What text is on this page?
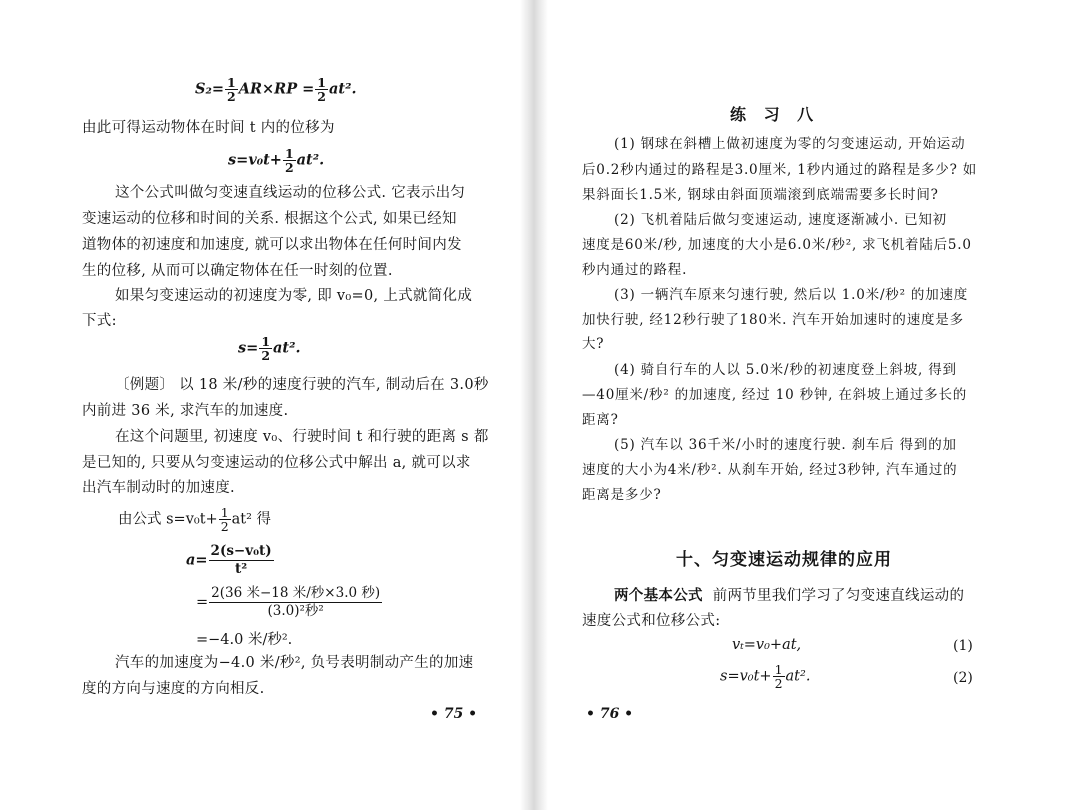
$S_2= \frac{1}{2} AR\times RP = \frac{1}{2} at^2$.
由此可得运动物体在时间 t 内的位移为
$s=v_0t+ \frac{1}{2} at^2$.
这个公式叫做匀变速直线运动的位移公式. 它表示出匀
变速运动的位移和时间的关系. 根据这个公式, 如果已经知
道物体的初速度和加速度, 就可以求出物体在任何时间内发
生的位移, 从而可以确定物体在任一时刻的位置.
如果匀变速运动的初速度为零, 即 v₀=0, 上式就简化成
下式:
$s= \frac{1}{2} at^2$.
〔例题〕 以 18 米/秒的速度行驶的汽车, 制动后在 3.0秒
内前进 36 米, 求汽车的加速度.
在这个问题里, 初速度 v₀、行驶时间 t 和行驶的距离 s 都
是已知的, 只要从匀变速运动的位移公式中解出 a, 就可以求
出汽车制动时的加速度.
由公式 $s=v_0t+ \frac{1}{2} at^2$ 得
$a= \frac{\text{2(s−v₀t)}}{\text{t²}}$
= $\frac{\text{2(36 米−18 米/秒×3.0 秒)}}{\text{(3.0)²秒²}}$
=−4.0 米/秒².
汽车的加速度为−4.0 米/秒², 负号表明制动产生的加速
度的方向与速度的方向相反.
• 75 •
练 习 八
(1) 钢球在斜槽上做初速度为零的匀变速运动, 开始运动
后0.2秒内通过的路程是3.0厘米, 1秒内通过的路程是多少? 如
果斜面长1.5米, 钢球由斜面顶端滚到底端需要多长时间?
(2) 飞机着陆后做匀变速运动, 速度逐渐减小. 已知初
速度是60米/秒, 加速度的大小是6.0米/秒², 求飞机着陆后5.0
秒内通过的路程.
(3) 一辆汽车原来匀速行驶, 然后以 1.0米/秒² 的加速度
加快行驶, 经12秒行驶了180米. 汽车开始加速时的速度是多
大?
(4) 骑自行车的人以 5.0米/秒的初速度登上斜坡, 得到
—40厘米/秒² 的加速度, 经过 10 秒钟, 在斜坡上通过多长的
距离?
(5) 汽车以 36千米/小时的速度行驶. 刹车后 得到的加
速度的大小为4米/秒². 从刹车开始, 经过3秒钟, 汽车通过的
距离是多少?
十、匀变速运动规律的应用
两个基本公式 前两节里我们学习了匀变速直线运动的
速度公式和位移公式:
vₜ=v₀+at,	(1)
$s=v_0t+ \frac{1}{2} at^2$.	(2)
• 76 •
